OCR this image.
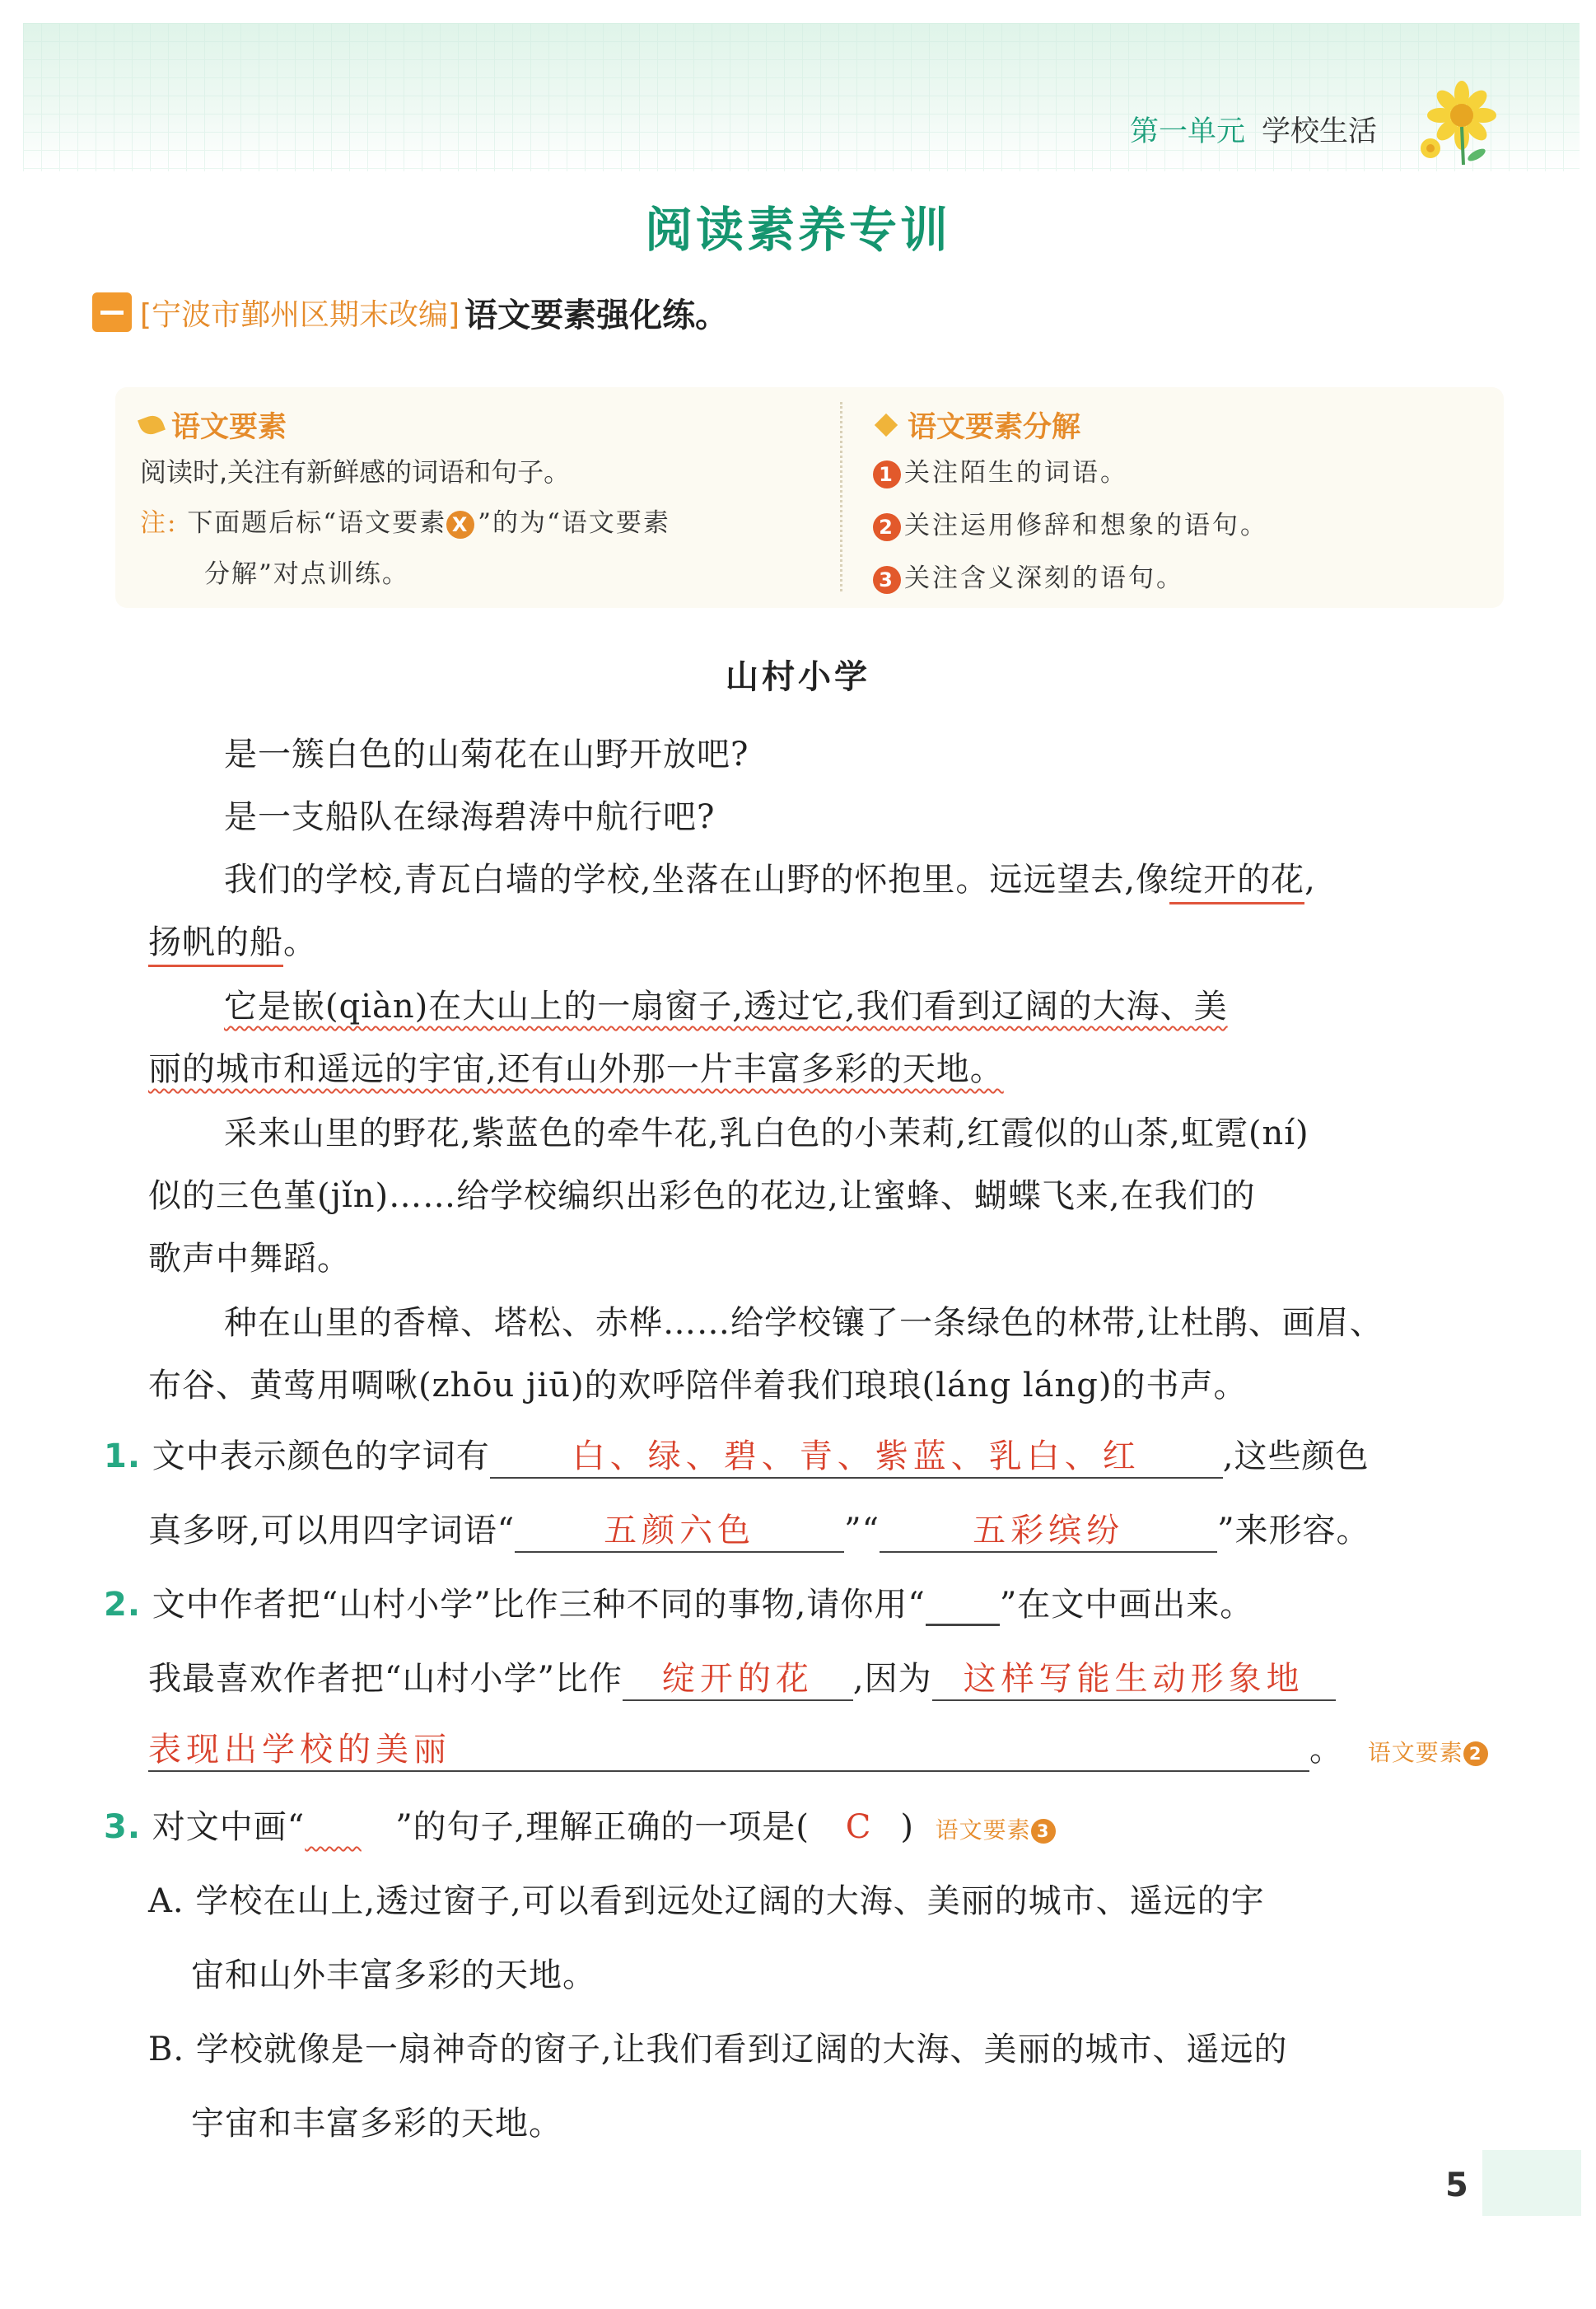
第一单元 学校生活
阅读素养专训
[宁波市鄞州区期末改编] 语文要素强化练。
语文要素
阅读时,关注有新鲜感的词语和句子。
注: 下面题后标“语文要素 X ”的为“语文要素
分解”对点训练。
语文要素分解
1 关注陌生的词语。
2 关注运用修辞和想象的语句。
3 关注含义深刻的语句。
山村小学
是一簇白色的山菊花在山野开放吧?
是一支船队在绿海碧涛中航行吧?
我们的学校,青瓦白墙的学校,坐落在山野的怀抱里。远远望去,像绽开的花,
扬帆的船。
它是嵌(qiàn)在大山上的一扇窗子,透过它,我们看到辽阔的大海、美
丽的城市和遥远的宇宙,还有山外那一片丰富多彩的天地。
采来山里的野花,紫蓝色的牵牛花,乳白色的小茉莉,红霞似的山茶,虹霓(ní)
似的三色堇(jǐn)……给学校编织出彩色的花边,让蜜蜂、蝴蝶飞来,在我们的
歌声中舞蹈。
种在山里的香樟、塔松、赤桦……给学校镶了一条绿色的林带,让杜鹃、画眉、
布谷、黄莺用啁啾(zhōu jiū)的欢呼陪伴着我们琅琅(láng láng)的书声。
1. 文中表示颜色的字词有	白、绿、碧、青、紫蓝、乳白、红	,这些颜色
真多呀,可以用四字词语“	五颜六色	”“	五彩缤纷	”来形容。
2. 文中作者把“山村小学”比作三种不同的事物,请你用“ ”在文中画出来。
我最喜欢作者把“山村小学”比作 绽开的花 ,因为 这样写能生动形象地
表现出学校的美丽	。 语文要素 2
3. 对文中画“	”的句子,理解正确的一项是( C ) 语文要素 3
A. 学校在山上,透过窗子,可以看到远处辽阔的大海、美丽的城市、遥远的宇
宙和山外丰富多彩的天地。
B. 学校就像是一扇神奇的窗子,让我们看到辽阔的大海、美丽的城市、遥远的
宇宙和丰富多彩的天地。
5
